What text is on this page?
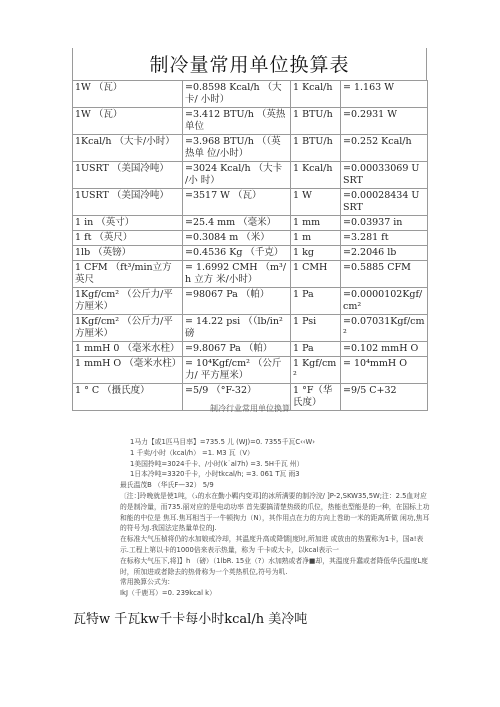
制冷量常用单位换算表
1W （瓦）	=0.8598 Kcal/h （大卡/ 小时）	1 Kcal/h	= 1.163 W
1W （瓦）	=3.412 BTU/h （英热单位	1 BTU/h	=0.2931 W
1Kcal/h （大卡/小时）	=3.968 BTU/h （（英热单 位/小时）	1 BTU/h	=0.252 Kcal/h
1USRT （美国冷吨）	=3024 Kcal/h （大卡 /小 时）	1 Kcal/h	=0.00033069 USRT
1USRT （美国冷吨）	=3517 W （瓦）	1 W	=0.00028434 USRT
1 in （英寸）	=25.4 mm （毫米）	1 mm	=0.03937 in
1 ft （英尺）	=0.3084 m （米）	1 m	=3.281 ft
1lb （英镑）	=0.4536 Kg （千克）	1 kg	=2.2046 lb
1 CFM （ft³/min立方英尺	= 1.6992 CMH （m³/h 立方 米/小时）	1 CMH	=0.5885 CFM
1Kgf/cm² （公斤力/平方厘米）	=98067 Pa （帕）	1 Pa	=0.0000102Kgf/cm²
1Kgf/cm² （公斤力/平方厘米）	= 14.22 psi （（lb/in²磅	1 Psi	=0.07031Kgf/cm²
1 mmH 0 （毫米水柱）	=9.8067 Pa （帕）	1 Pa	=0.102 mmH O
1 mmH O （毫米水柱）	= 10⁴Kgf/cm² （公斤力/ 平方厘米）	1 Kgf/cm²	= 10⁴mmH O
1 ° C （摄氏度）	=5/9 （°F-32）	1 °F（华氏度）	=9/5 C+32
制冷行业常用单位换算

1马力【或1匹马目率】=735.5 儿 (WJ)=0. 7355千瓦C‹‹W›

1 千卖/小时（kcal/h） =1. M3 瓦（V）

1美国拎吨=3024千卡、/小时(k˙al7h) =3. 5H千瓦 州）

1日本冷吨=3320千卡，小时tkcal/h; =3. 061 T瓦 雨3

最氏温茂B （华氏F—32） 5/9

〔注：]玲晚就是使1吨，（₁的水在勤小羁内变邓]的冰所满要的制冷浣/ ]P-2,SKW35,5W;注：2.5血对应的是制冷量，而735.丽对应的是电动功率 首先要搞清楚热级的爪位，热能也型能是的一种，在国标上功和能的中位是 焦耳.焦耳相当于一牛顿拘力（N），其作用点在力的方向上巻助一米的距离所做 闲功,焦耳的符号为J.我国法定热量单位的J.

在标准大气压楨将仍的水加娘戒冷却，其温度升高或降懦|度时,所加进 或放由的热置称为1卡，国a!表示.工程上第以卡的1000倍来表示热量，称为 千卡或大卡，以kcal表示一

在标称大气压下,将]】h （磅）（1lbR. 15业（?）水加熟或者净■却，其温度升蠢或者降低华氏温度L度时，所加进或者除去的热骨称为一个英热机位,符号为叽.

常用换算公式为:

IkJ（千鹿耳）=0. 239kcal k）

瓦特w 千瓦kw千卡每小时kcal/h 美冷吨
